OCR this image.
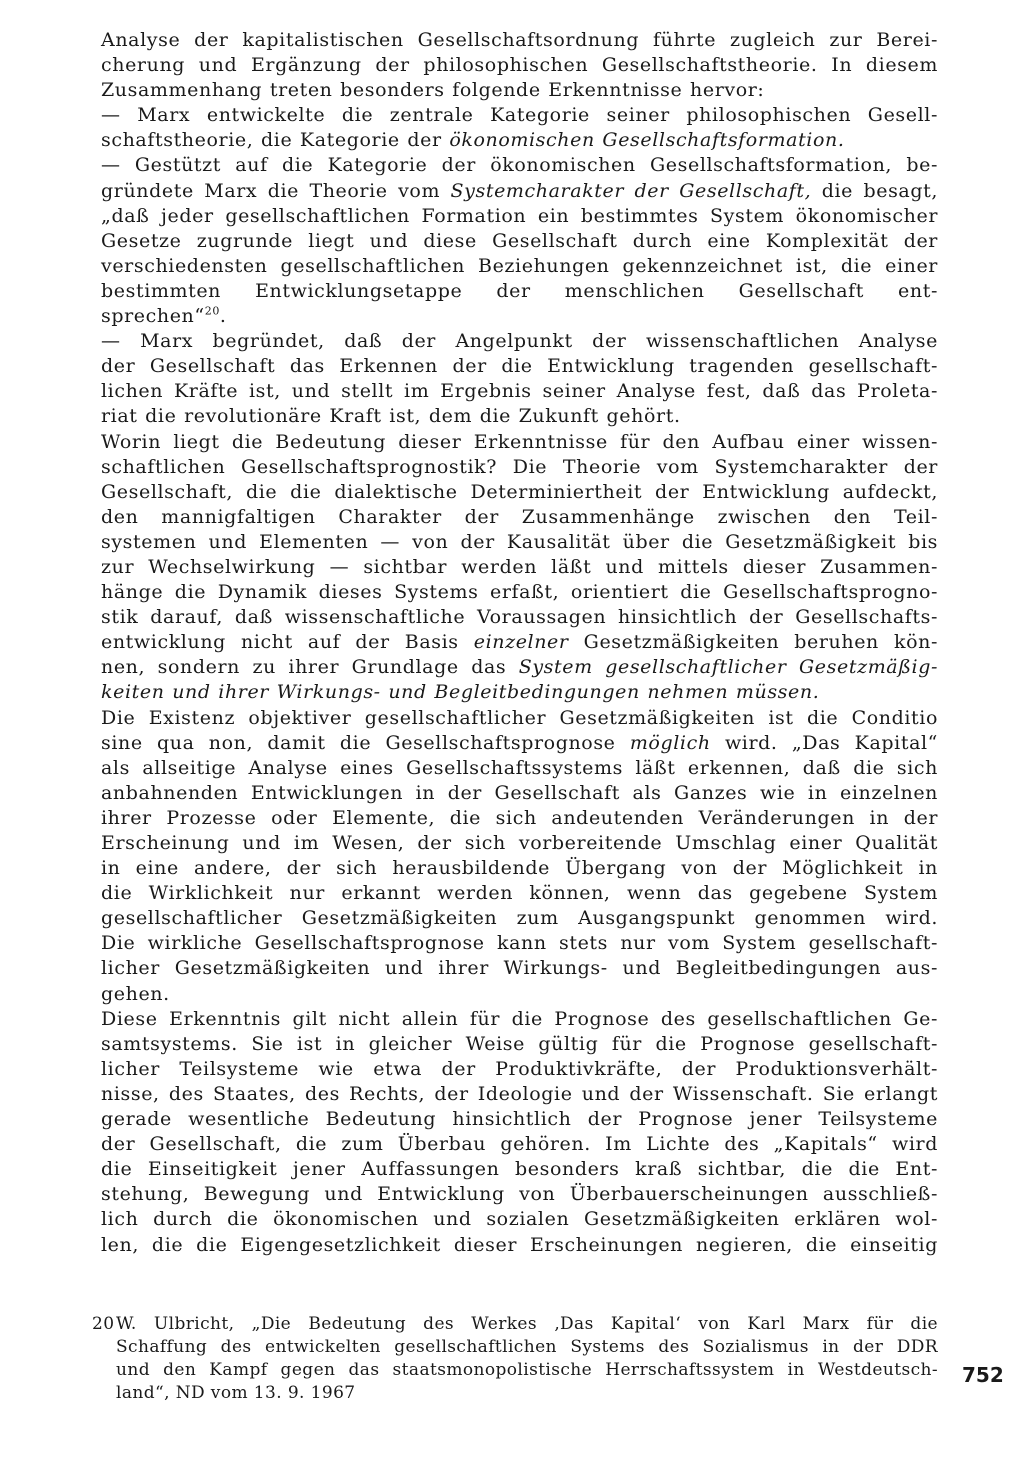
Analyse der kapitalistischen Gesellschaftsordnung führte zugleich zur Berei-
cherung und Ergänzung der philosophischen Gesellschaftstheorie. In diesem
Zusammenhang treten besonders folgende Erkenntnisse hervor:
— Marx entwickelte die zentrale Kategorie seiner philosophischen Gesell-
schaftstheorie, die Kategorie der ökonomischen Gesellschaftsformation.
— Gestützt auf die Kategorie der ökonomischen Gesellschaftsformation, be-
gründete Marx die Theorie vom Systemcharakter der Gesellschaft, die besagt,
„daß jeder gesellschaftlichen Formation ein bestimmtes System ökonomischer
Gesetze zugrunde liegt und diese Gesellschaft durch eine Komplexität der
verschiedensten gesellschaftlichen Beziehungen gekennzeichnet ist, die einer
bestimmten Entwicklungsetappe der menschlichen Gesellschaft ent-
sprechen“$^{20}$.
— Marx begründet, daß der Angelpunkt der wissenschaftlichen Analyse
der Gesellschaft das Erkennen der die Entwicklung tragenden gesellschaft-
lichen Kräfte ist, und stellt im Ergebnis seiner Analyse fest, daß das Proleta-
riat die revolutionäre Kraft ist, dem die Zukunft gehört.
Worin liegt die Bedeutung dieser Erkenntnisse für den Aufbau einer wissen-
schaftlichen Gesellschaftsprognostik? Die Theorie vom Systemcharakter der
Gesellschaft, die die dialektische Determiniertheit der Entwicklung aufdeckt,
den mannigfaltigen Charakter der Zusammenhänge zwischen den Teil-
systemen und Elementen — von der Kausalität über die Gesetzmäßigkeit bis
zur Wechselwirkung — sichtbar werden läßt und mittels dieser Zusammen-
hänge die Dynamik dieses Systems erfaßt, orientiert die Gesellschaftsprogno-
stik darauf, daß wissenschaftliche Voraussagen hinsichtlich der Gesellschafts-
entwicklung nicht auf der Basis einzelner Gesetzmäßigkeiten beruhen kön-
nen, sondern zu ihrer Grundlage das System gesellschaftlicher Gesetzmäßig-
keiten und ihrer Wirkungs- und Begleitbedingungen nehmen müssen.
Die Existenz objektiver gesellschaftlicher Gesetzmäßigkeiten ist die Conditio
sine qua non, damit die Gesellschaftsprognose möglich wird. „Das Kapital“
als allseitige Analyse eines Gesellschaftssystems läßt erkennen, daß die sich
anbahnenden Entwicklungen in der Gesellschaft als Ganzes wie in einzelnen
ihrer Prozesse oder Elemente, die sich andeutenden Veränderungen in der
Erscheinung und im Wesen, der sich vorbereitende Umschlag einer Qualität
in eine andere, der sich herausbildende Übergang von der Möglichkeit in
die Wirklichkeit nur erkannt werden können, wenn das gegebene System
gesellschaftlicher Gesetzmäßigkeiten zum Ausgangspunkt genommen wird.
Die wirkliche Gesellschaftsprognose kann stets nur vom System gesellschaft-
licher Gesetzmäßigkeiten und ihrer Wirkungs- und Begleitbedingungen aus-
gehen.
Diese Erkenntnis gilt nicht allein für die Prognose des gesellschaftlichen Ge-
samtsystems. Sie ist in gleicher Weise gültig für die Prognose gesellschaft-
licher Teilsysteme wie etwa der Produktivkräfte, der Produktionsverhält-
nisse, des Staates, des Rechts, der Ideologie und der Wissenschaft. Sie erlangt
gerade wesentliche Bedeutung hinsichtlich der Prognose jener Teilsysteme
der Gesellschaft, die zum Überbau gehören. Im Lichte des „Kapitals“ wird
die Einseitigkeit jener Auffassungen besonders kraß sichtbar, die die Ent-
stehung, Bewegung und Entwicklung von Überbauerscheinungen ausschließ-
lich durch die ökonomischen und sozialen Gesetzmäßigkeiten erklären wol-
len, die die Eigengesetzlichkeit dieser Erscheinungen negieren, die einseitig
20 W. Ulbricht, „Die Bedeutung des Werkes ‚Das Kapital‘ von Karl Marx für die
Schaffung des entwickelten gesellschaftlichen Systems des Sozialismus in der DDR
und den Kampf gegen das staatsmonopolistische Herrschaftssystem in Westdeutsch-
land“, ND vom 13. 9. 1967
752
